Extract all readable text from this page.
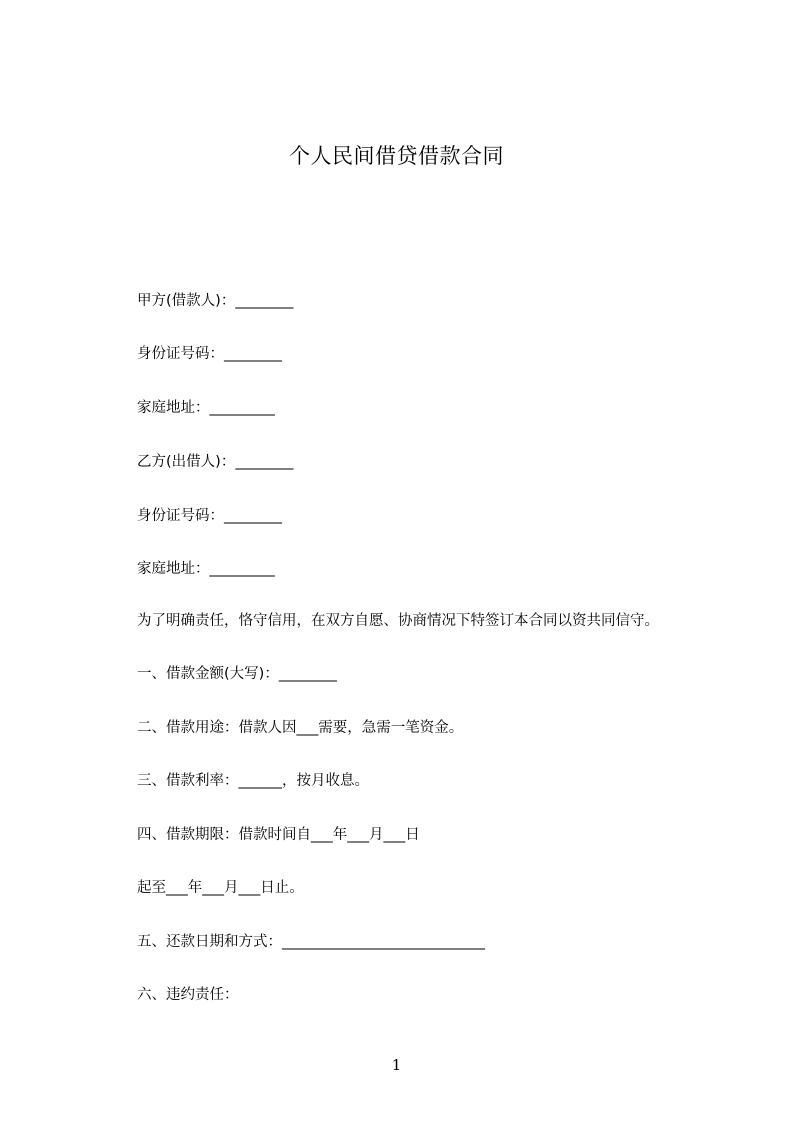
个人民间借贷借款合同
甲方(借款人)：________
身份证号码：________
家庭地址：_________
乙方(出借人)：________
身份证号码：________
家庭地址：_________
为了明确责任，恪守信用，在双方自愿、协商情况下特签订本合同以资共同信守。
一、借款金额(大写)：________
二、借款用途：借款人因___需要，急需一笔资金。
三、借款利率：______，按月收息。
四、借款期限：借款时间自___年___月___日
起至___年___月___日止。
五、还款日期和方式：____________________________
六、违约责任：
1
